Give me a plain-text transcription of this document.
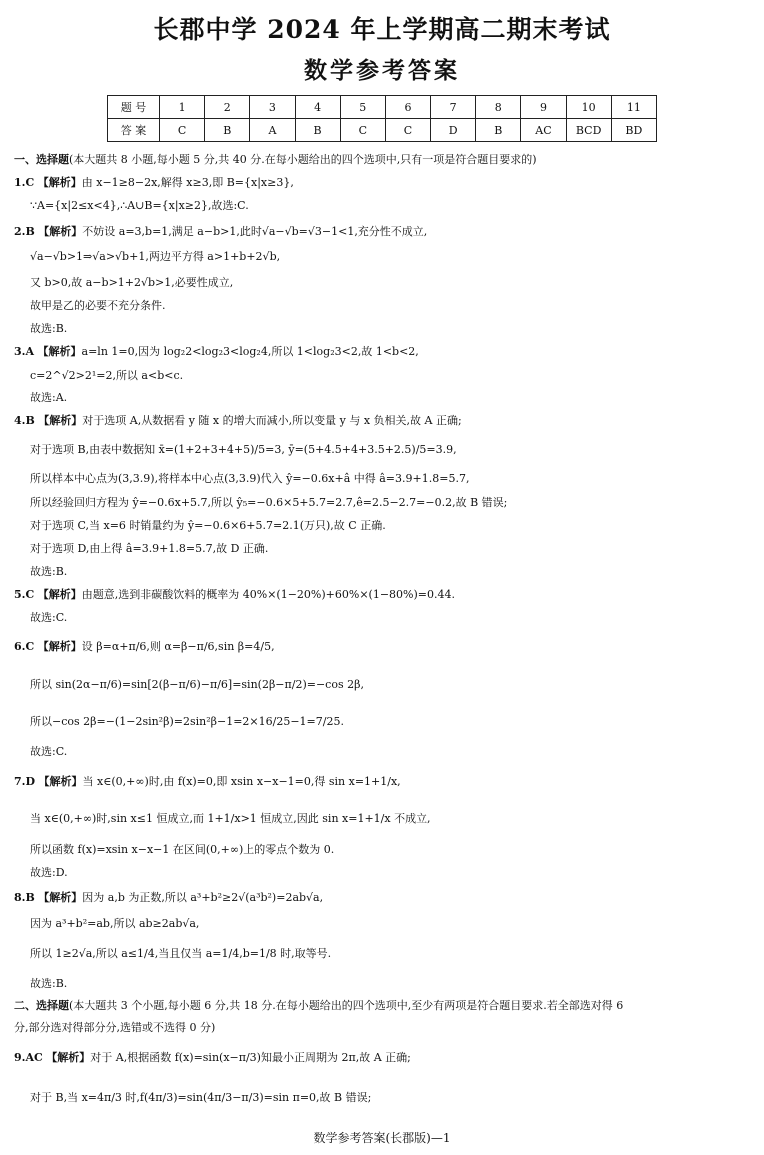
长郡中学 2024 年上学期高二期末考试
数学参考答案
题 号	1	2	3	4	5	6	7	8	9	10	11
答 案	C	B	A	B	C	C	D	B	AC	BCD	BD
一、选择题(本大题共 8 小题,每小题 5 分,共 40 分.在每小题给出的四个选项中,只有一项是符合题目要求的)
1.C 【解析】由 x−1≥8−2x,解得 x≥3,即 B={x|x≥3},
∵A={x|2≤x<4},∴A∪B={x|x≥2},故选:C.
2.B 【解析】不妨设 a=3,b=1,满足 a−b>1,此时√a−√b=√3−1<1,充分性不成立,
√a−√b>1⇒√a>√b+1,两边平方得 a>1+b+2√b,
又 b>0,故 a−b>1+2√b>1,必要性成立,
故甲是乙的必要不充分条件.
故选:B.
3.A 【解析】a=ln 1=0,因为 log₂2<log₂3<log₂4,所以 1<log₂3<2,故 1<b<2,
c=2^√2>2¹=2,所以 a<b<c.
故选:A.
4.B 【解析】对于选项 A,从数据看 y 随 x 的增大而减小,所以变量 y 与 x 负相关,故 A 正确;
对于选项 B,由表中数据知 x̄=(1+2+3+4+5)/5=3, ȳ=(5+4.5+4+3.5+2.5)/5=3.9,
所以样本中心点为(3,3.9),将样本中心点(3,3.9)代入 ŷ=−0.6x+â 中得 â=3.9+1.8=5.7,
所以经验回归方程为 ŷ=−0.6x+5.7,所以 ŷ₅=−0.6×5+5.7=2.7,ê=2.5−2.7=−0.2,故 B 错误;
对于选项 C,当 x=6 时销量约为 ŷ=−0.6×6+5.7=2.1(万只),故 C 正确.
对于选项 D,由上得 â=3.9+1.8=5.7,故 D 正确.
故选:B.
5.C 【解析】由题意,选到非碳酸饮料的概率为 40%×(1−20%)+60%×(1−80%)=0.44.
故选:C.
6.C 【解析】设 β=α+π/6,则 α=β−π/6,sin β=4/5,
所以 sin(2α−π/6)=sin[2(β−π/6)−π/6]=sin(2β−π/2)=−cos 2β,
所以−cos 2β=−(1−2sin²β)=2sin²β−1=2×16/25−1=7/25.
故选:C.
7.D 【解析】当 x∈(0,+∞)时,由 f(x)=0,即 xsin x−x−1=0,得 sin x=1+1/x,
当 x∈(0,+∞)时,sin x≤1 恒成立,而 1+1/x>1 恒成立,因此 sin x=1+1/x 不成立,
所以函数 f(x)=xsin x−x−1 在区间(0,+∞)上的零点个数为 0.
故选:D.
8.B 【解析】因为 a,b 为正数,所以 a³+b²≥2√(a³b²)=2ab√a,
因为 a³+b²=ab,所以 ab≥2ab√a,
所以 1≥2√a,所以 a≤1/4,当且仅当 a=1/4,b=1/8 时,取等号.
故选:B.
二、选择题(本大题共 3 个小题,每小题 6 分,共 18 分.在每小题给出的四个选项中,至少有两项是符合题目要求.若全部选对得 6
分,部分选对得部分分,选错或不选得 0 分)
9.AC 【解析】对于 A,根据函数 f(x)=sin(x−π/3)知最小正周期为 2π,故 A 正确;
对于 B,当 x=4π/3 时,f(4π/3)=sin(4π/3−π/3)=sin π=0,故 B 错误;
数学参考答案(长郡版)—1
